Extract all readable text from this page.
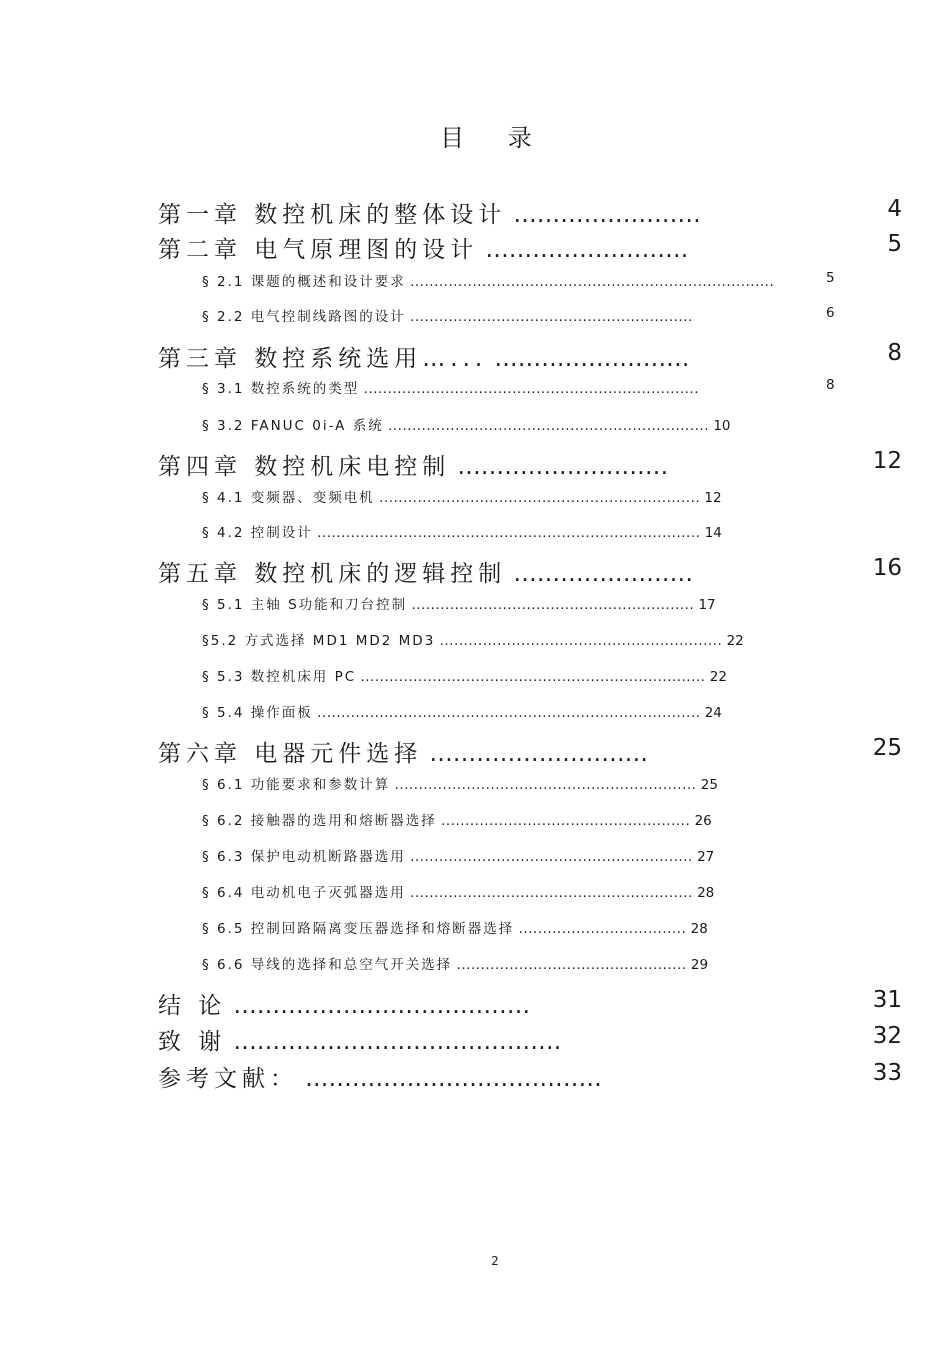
目 录
第一章 数控机床的整体设计 ........................	4
第二章 电气原理图的设计 ..........................	5
§ 2.1 课题的概述和设计要求 ............................................................................	5
§ 2.2 电气控制线路图的设计 ...........................................................	6
第三章 数控系统选用…... .........................	8
§ 3.1 数控系统的类型 ......................................................................	8
§ 3.2 FANUC 0i-A 系统 ................................................................... 10
第四章 数控机床电控制 ...........................	12
§ 4.1 变频器、变频电机 ................................................................... 12
§ 4.2 控制设计 ................................................................................ 14
第五章 数控机床的逻辑控制 .......................	16
§ 5.1 主轴 S功能和刀台控制 ........................................................... 17
§5.2 方式选择 MD1 MD2 MD3 ........................................................... 22
§ 5.3 数控机床用 PC ........................................................................ 22
§ 5.4 操作面板 ................................................................................ 24
第六章 电器元件选择 ............................	25
§ 6.1 功能要求和参数计算 ............................................................... 25
§ 6.2 接触器的选用和熔断器选择 .................................................... 26
§ 6.3 保护电动机断路器选用 ........................................................... 27
§ 6.4 电动机电子灭弧器选用 ........................................................... 28
§ 6.5 控制回路隔离变压器选择和熔断器选择 ................................... 28
§ 6.6 导线的选择和总空气开关选择 ................................................ 29
结 论 ......................................	31
致 谢 ..........................................	32
参考文献： ......................................	33
2
